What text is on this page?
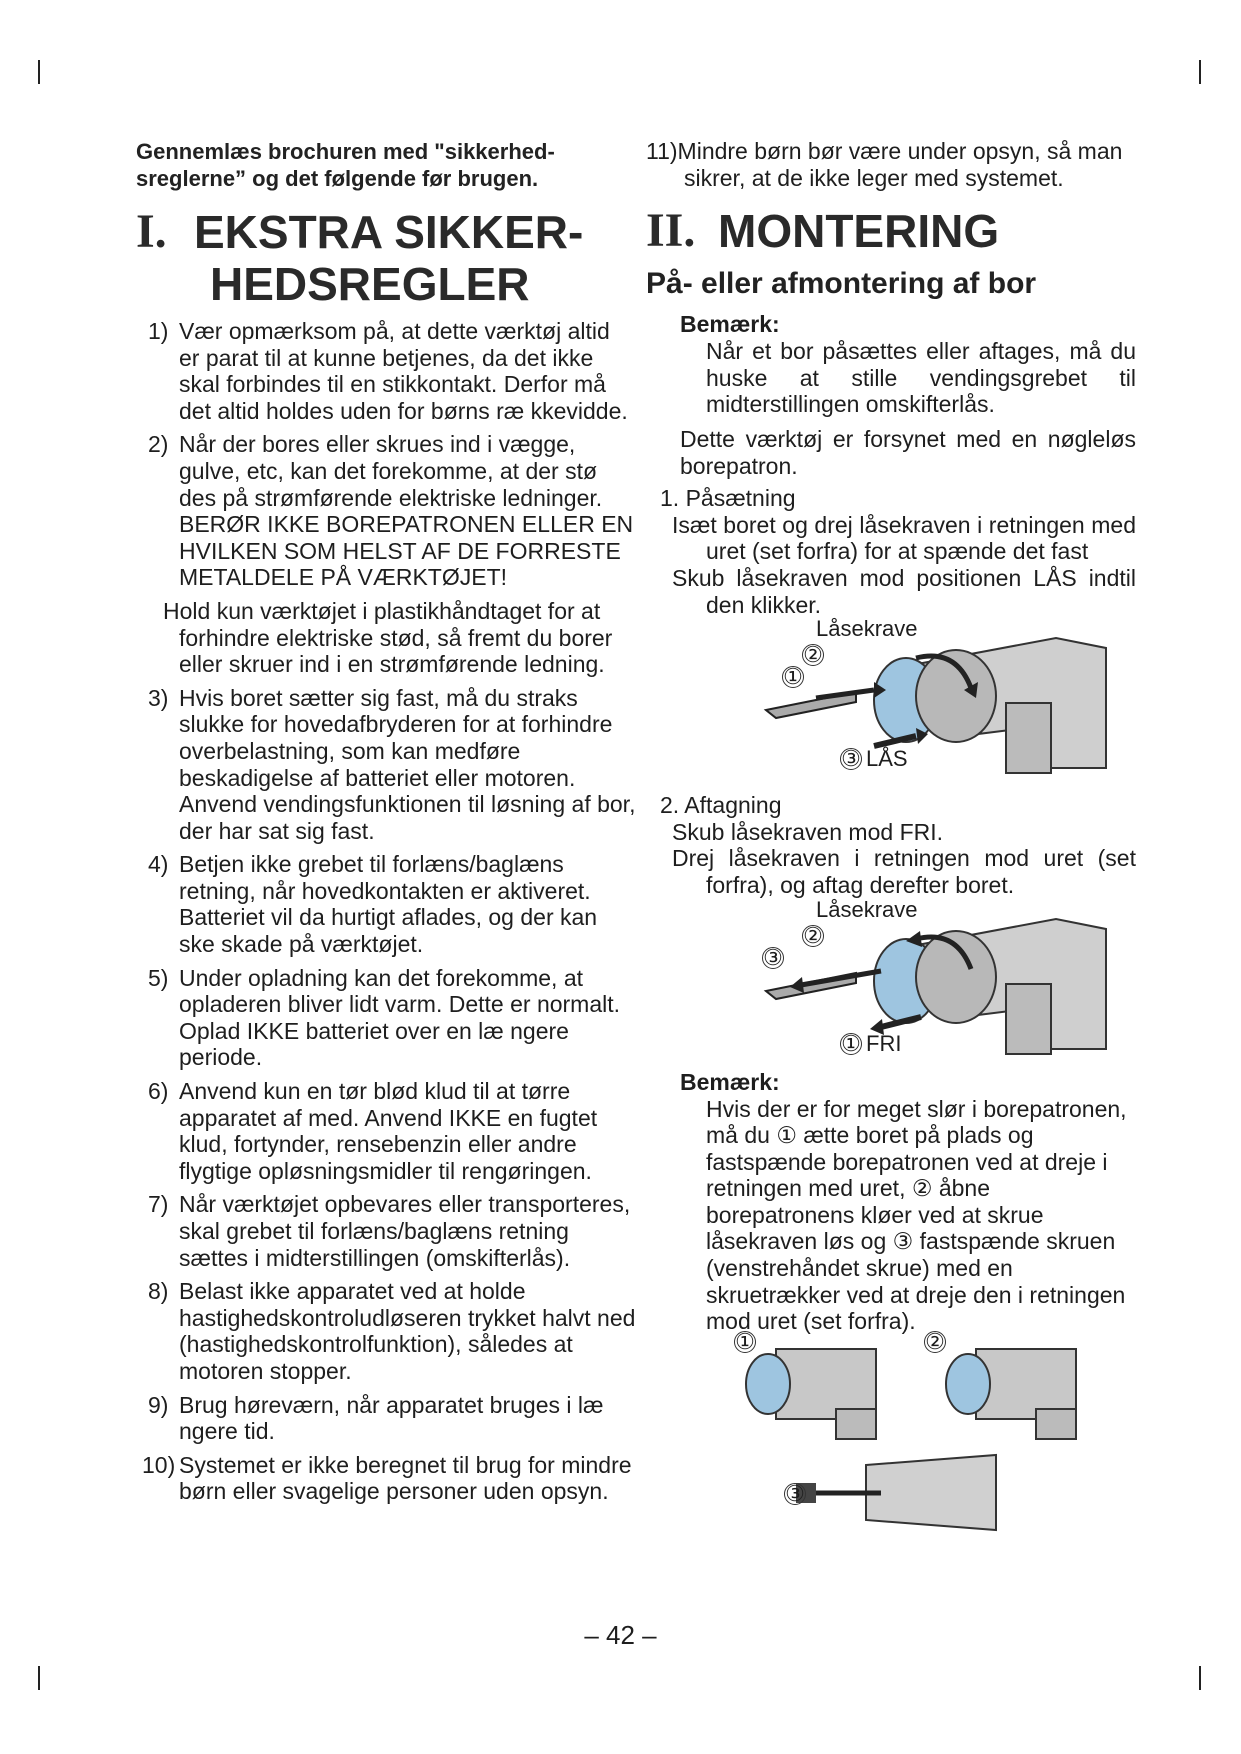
Gennemlæs brochuren med "sikkerhed-sreglerne” og det følgende før brugen.
I. EKSTRA SIKKER-
HEDSREGLER
1) Vær opmærksom på, at dette værktøj altid er parat til at kunne betjenes, da det ikke skal forbindes til en stikkontakt. Derfor må det altid holdes uden for børns ræ kkevidde.
2) Når der bores eller skrues ind i vægge, gulve, etc, kan det forekomme, at der stø des på strømførende elektriske ledninger. BERØR IKKE BOREPATRONEN ELLER EN HVILKEN SOM HELST AF DE FORRESTE METALDELE PÅ VÆRKTØJET!
Hold kun værktøjet i plastikhåndtaget for at forhindre elektriske stød, så fremt du borer eller skruer ind i en strømførende ledning.
3) Hvis boret sætter sig fast, må du straks slukke for hovedafbryderen for at forhindre overbelastning, som kan medføre beskadigelse af batteriet eller motoren. Anvend vendingsfunktionen til løsning af bor, der har sat sig fast.
4) Betjen ikke grebet til forlæns/baglæns retning, når hovedkontakten er aktiveret. Batteriet vil da hurtigt aflades, og der kan ske skade på værktøjet.
5) Under opladning kan det forekomme, at opladeren bliver lidt varm. Dette er normalt. Oplad IKKE batteriet over en læ ngere periode.
6) Anvend kun en tør blød klud til at tørre apparatet af med. Anvend IKKE en fugtet klud, fortynder, rensebenzin eller andre flygtige opløsningsmidler til rengøringen.
7) Når værktøjet opbevares eller transporteres, skal grebet til forlæns/baglæns retning sættes i midterstillingen (omskifterlås).
8) Belast ikke apparatet ved at holde hastighedskontroludløseren trykket halvt ned (hastighedskontrolfunktion), således at motoren stopper.
9) Brug høreværn, når apparatet bruges i læ ngere tid.
10) Systemet er ikke beregnet til brug for mindre børn eller svagelige personer uden opsyn.
11)Mindre børn bør være under opsyn, så man sikrer, at de ikke leger med systemet.
II. MONTERING
På- eller afmontering af bor
Bemærk:
Når et bor påsættes eller aftages, må du huske at stille vendingsgrebet til midterstillingen omskifterlås.
Dette værktøj er forsynet med en nøgleløs borepatron.
1. Påsætning
Isæt boret og drej låsekraven i retningen med uret (set forfra) for at spænde det fast
Skub låsekraven mod positionen LÅS indtil den klikker.
Låsekrave
②
①
③ LÅS
2. Aftagning
Skub låsekraven mod FRI.
Drej låsekraven i retningen mod uret (set forfra), og aftag derefter boret.
Låsekrave
②
③
① FRI
Bemærk:
Hvis der er for meget slør i borepatronen, må du ① ætte boret på plads og fastspænde borepatronen ved at dreje i retningen med uret, ② åbne borepatronens kløer ved at skrue låsekraven løs og ③ fastspænde skruen (venstrehåndet skrue) med en skruetrækker ved at dreje den i retningen mod uret (set forfra).
①	②
③
– 42 –
